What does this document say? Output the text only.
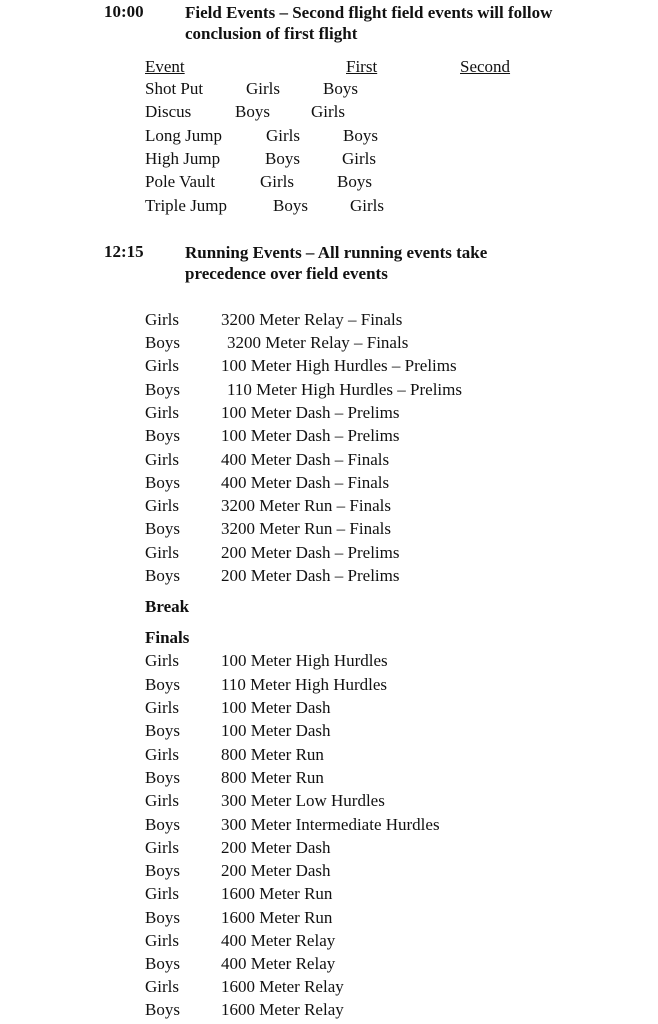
10:00 Field Events – Second flight field events will follow
conclusion of first flight
Event	First	Second
Shot Put	Girls	Boys
Discus	Boys Girls
Long Jump	Girls	Boys
High Jump	Boys Girls
Pole Vault	Girls	Boys
Triple Jump	Boys Girls
12:15 Running Events – All running events take
precedence over field events
Girls 3200 Meter Relay – Finals
Boys	3200 Meter Relay – Finals
Girls 100 Meter High Hurdles – Prelims
Boys	110 Meter High Hurdles – Prelims
Girls 100 Meter Dash – Prelims
Boys 100 Meter Dash – Prelims
Girls 400 Meter Dash – Finals
Boys 400 Meter Dash – Finals
Girls 3200 Meter Run – Finals
Boys 3200 Meter Run – Finals
Girls 200 Meter Dash – Prelims
Boys 200 Meter Dash – Prelims
Break
Finals
Girls 100 Meter High Hurdles
Boys 110 Meter High Hurdles
Girls 100 Meter Dash
Boys 100 Meter Dash
Girls 800 Meter Run
Boys 800 Meter Run
Girls 300 Meter Low Hurdles
Boys 300 Meter Intermediate Hurdles
Girls 200 Meter Dash
Boys 200 Meter Dash
Girls 1600 Meter Run
Boys 1600 Meter Run
Girls 400 Meter Relay
Boys 400 Meter Relay
Girls 1600 Meter Relay
Boys 1600 Meter Relay
